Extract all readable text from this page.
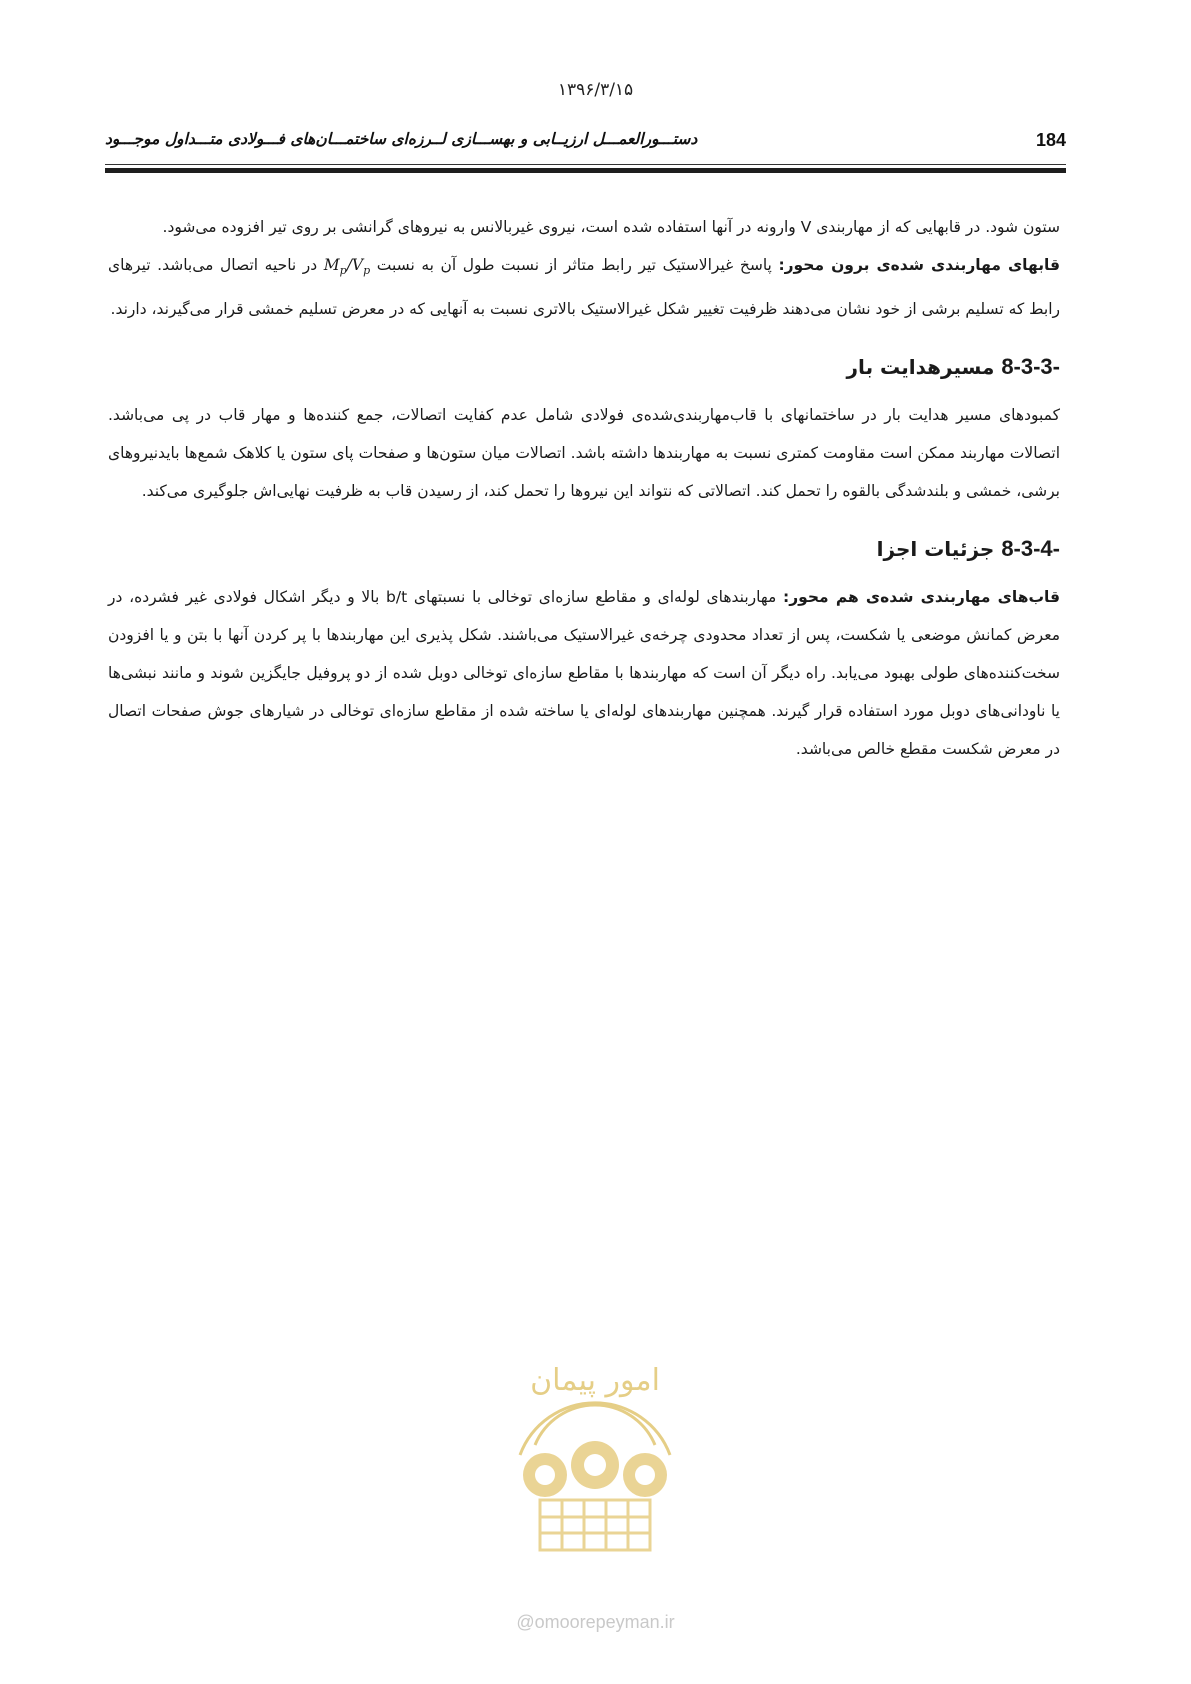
۱۳۹۶/۳/۱۵
184
دستـــورالعمـــل ارزیــابی و بهســـازی لــرزه‌ای ساختمـــان‌های فـــولادی متـــداول موجـــود

ستون شود. در قابهایی که از مهاربندی V وارونه در آنها استفاده شده است، نیروی غیربالانس به نیروهای گرانشی بر روی تیر افزوده می‌شود.

قابهای مهاربندی شده‌ی برون محور: پاسخ غیرالاستیک تیر رابط متاثر از نسبت طول آن به نسبت $M_p/V_p$ در ناحیه اتصال می‌باشد. تیرهای رابط که تسلیم برشی از خود نشان می‌دهند ظرفیت تغییر شکل غیرالاستیک بالاتری نسبت به آنهایی که در معرض تسلیم خمشی قرار می‌گیرند، دارند.

8-3-3- مسیرهدایت بار

کمبودهای مسیر هدایت بار در ساختمانهای با قاب‌مهاربندی‌شده‌ی فولادی شامل عدم کفایت اتصالات، جمع کننده‌ها و مهار قاب در پی می‌باشد. اتصالات مهاربند ممکن است مقاومت کمتری نسبت به مهاربندها داشته باشد. اتصالات میان ستون‌ها و صفحات پای ستون یا کلاهک شمع‌ها بایدنیروهای برشی، خمشی و بلندشدگی بالقوه را تحمل کند. اتصالاتی که نتواند این نیروها را تحمل کند، از رسیدن قاب به ظرفیت نهایی‌اش جلوگیری می‌کند.

8-3-4- جزئیات اجزا

قاب‌های مهاربندی شده‌ی هم محور: مهاربندهای لوله‌ای و مقاطع سازه‌ای توخالی با نسبتهای b/t بالا و دیگر اشکال فولادی غیر فشرده، در معرض کمانش موضعی یا شکست، پس از تعداد محدودی چرخه‌ی غیرالاستیک می‌باشند. شکل پذیری این مهاربندها با پر کردن آنها با بتن و یا افزودن سخت‌کننده‌های طولی بهبود می‌یابد. راه دیگر آن است که مهاربندها با مقاطع سازه‌ای توخالی دوبل شده از دو پروفیل جایگزین شوند و مانند نبشی‌ها یا ناودانی‌های دوبل مورد استفاده قرار گیرند. همچنین مهاربندهای لوله‌ای یا ساخته شده از مقاطع سازه‌ای توخالی در شیارهای جوش صفحات اتصال در معرض شکست مقطع خالص می‌باشد.

امور پیمان
@omoorepeyman.ir
